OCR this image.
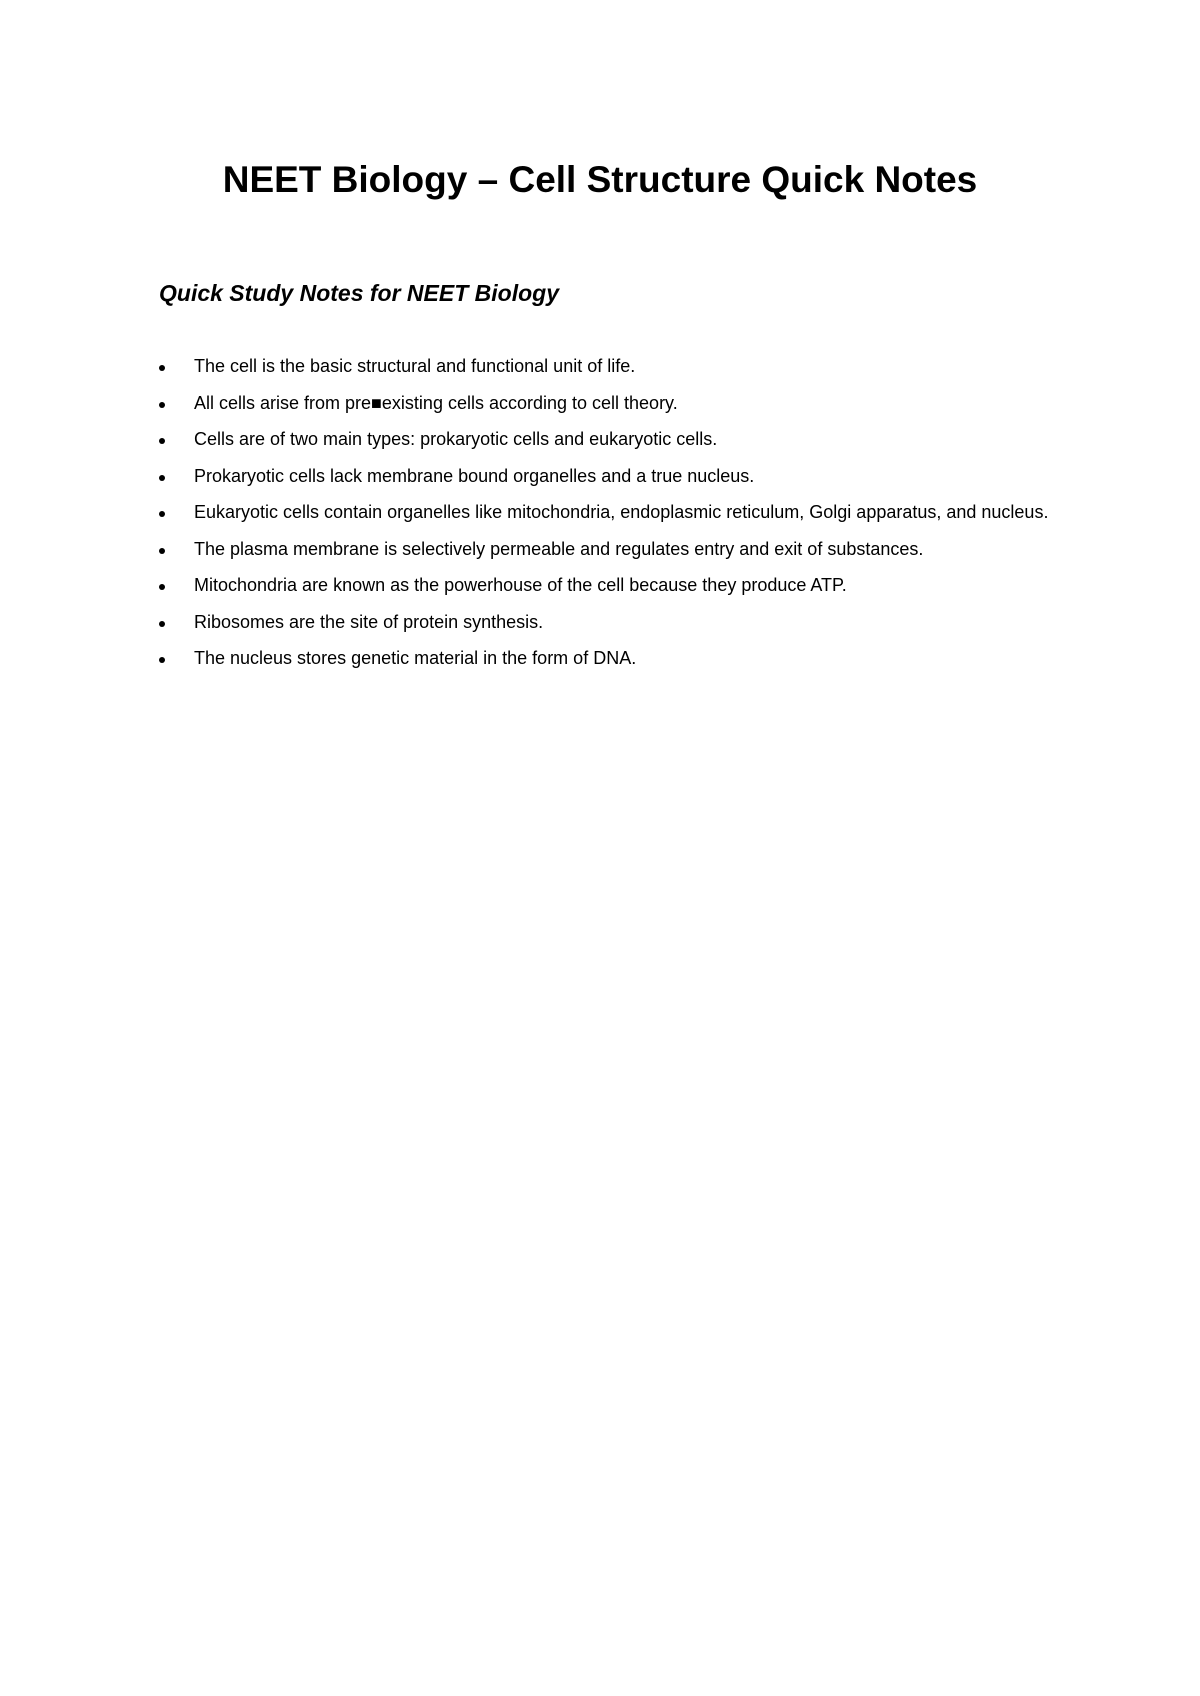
NEET Biology – Cell Structure Quick Notes
Quick Study Notes for NEET Biology
The cell is the basic structural and functional unit of life.
All cells arise from pre■existing cells according to cell theory.
Cells are of two main types: prokaryotic cells and eukaryotic cells.
Prokaryotic cells lack membrane bound organelles and a true nucleus.
Eukaryotic cells contain organelles like mitochondria, endoplasmic reticulum, Golgi apparatus, and nucleus.
The plasma membrane is selectively permeable and regulates entry and exit of substances.
Mitochondria are known as the powerhouse of the cell because they produce ATP.
Ribosomes are the site of protein synthesis.
The nucleus stores genetic material in the form of DNA.
